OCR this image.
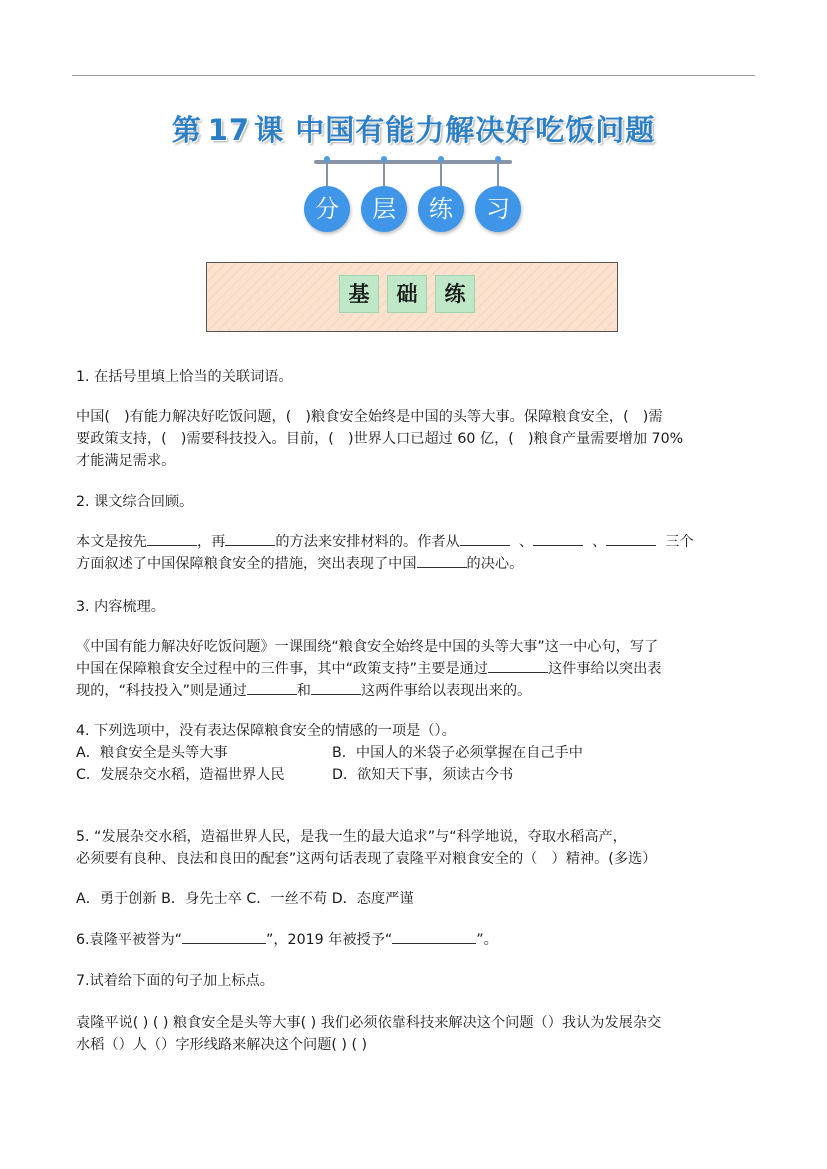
第 17 课 中国有能力解决好吃饭问题
分	层	练	习
基	础	练
1. 在括号里填上恰当的关联词语。
中国(　)有能力解决好吃饭问题，(　)粮食安全始终是中国的头等大事。保障粮食安全，(　)需
要政策支持，(　)需要科技投入。目前，(　)世界人口已超过 60 亿，(　)粮食产量需要增加 70%
才能满足需求。
2. 课文综合回顾。
本文是按先	，再	的方法来安排材料的。作者从	、	、	三个
方面叙述了中国保障粮食安全的措施，突出表现了中国	的决心。
3. 内容梳理。
《中国有能力解决好吃饭问题》一课围绕“粮食安全始终是中国的头等大事”这一中心句，写了
中国在保障粮食安全过程中的三件事，其中“政策支持”主要是通过	这件事给以突出表
现的，“科技投入”则是通过	和	这两件事给以表现出来的。
4. 下列选项中，没有表达保障粮食安全的情感的一项是（）。
A．粮食安全是头等大事	B．中国人的米袋子必须掌握在自己手中
C．发展杂交水稻，造福世界人民	D．欲知天下事，须读古今书
5. “发展杂交水稻，造福世界人民，是我一生的最大追求”与“科学地说，夺取水稻高产，
必须要有良种、良法和良田的配套”这两句话表现了袁隆平对粮食安全的（　）精神。(多选）
A．勇于创新 B．身先士卒 C．一丝不苟 D．态度严谨
6.袁隆平被誉为“	”，2019 年被授予“	”。
7.试着给下面的句子加上标点。
袁隆平说( ) ( ) 粮食安全是头等大事( ) 我们必须依靠科技来解决这个问题（）我认为发展杂交
水稻（）人（）字形线路来解决这个问题( ) ( )
